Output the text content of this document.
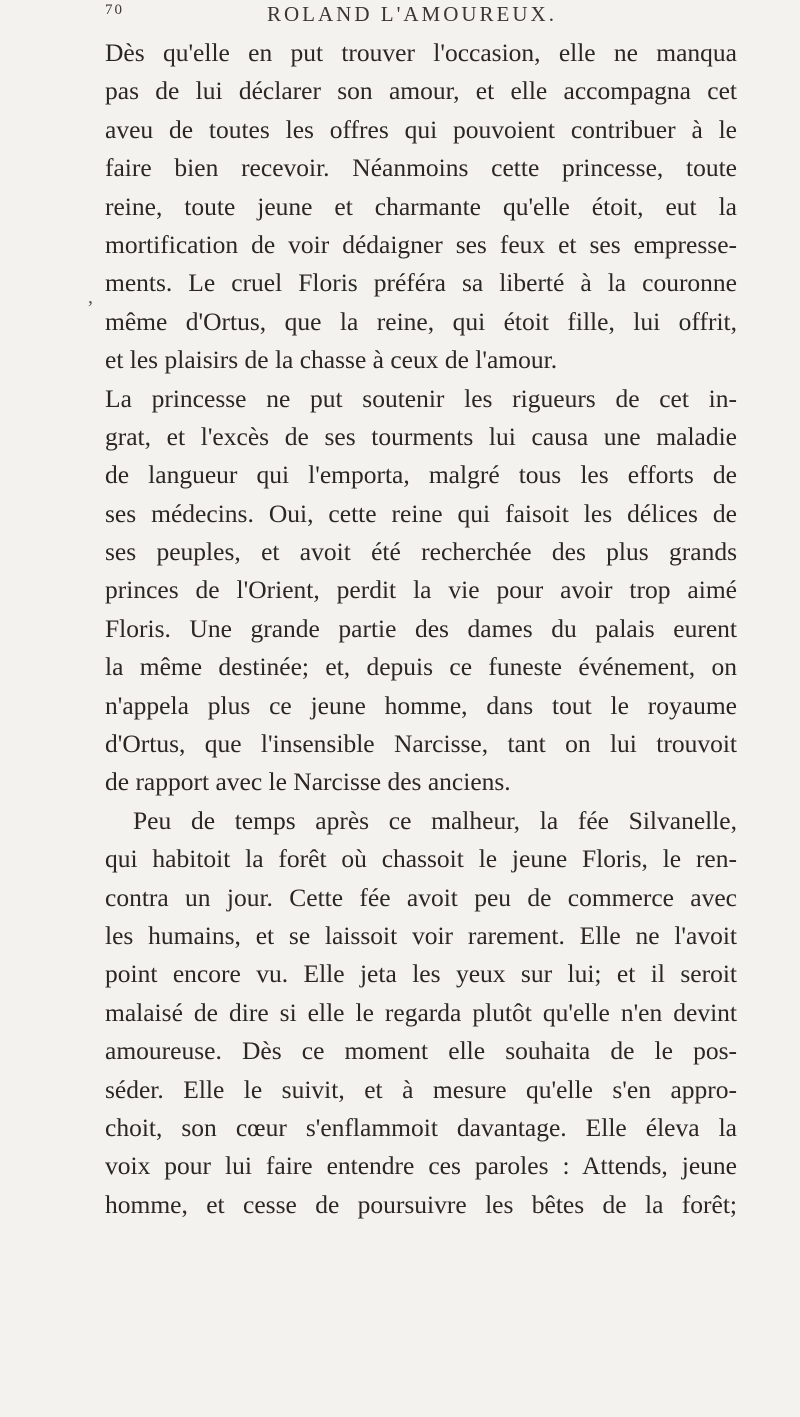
70	ROLAND L'AMOUREUX.
,
Dès qu'elle en put trouver l'occasion, elle ne manqua
pas de lui déclarer son amour, et elle accompagna cet
aveu de toutes les offres qui pouvoient contribuer à le
faire bien recevoir. Néanmoins cette princesse, toute
reine, toute jeune et charmante qu'elle étoit, eut la
mortification de voir dédaigner ses feux et ses empresse-
ments. Le cruel Floris préféra sa liberté à la couronne
même d'Ortus, que la reine, qui étoit fille, lui offrit,
et les plaisirs de la chasse à ceux de l'amour.
La princesse ne put soutenir les rigueurs de cet in-
grat, et l'excès de ses tourments lui causa une maladie
de langueur qui l'emporta, malgré tous les efforts de
ses médecins. Oui, cette reine qui faisoit les délices de
ses peuples, et avoit été recherchée des plus grands
princes de l'Orient, perdit la vie pour avoir trop aimé
Floris. Une grande partie des dames du palais eurent
la même destinée; et, depuis ce funeste événement, on
n'appela plus ce jeune homme, dans tout le royaume
d'Ortus, que l'insensible Narcisse, tant on lui trouvoit
de rapport avec le Narcisse des anciens.
Peu de temps après ce malheur, la fée Silvanelle,
qui habitoit la forêt où chassoit le jeune Floris, le ren-
contra un jour. Cette fée avoit peu de commerce avec
les humains, et se laissoit voir rarement. Elle ne l'avoit
point encore vu. Elle jeta les yeux sur lui; et il seroit
malaisé de dire si elle le regarda plutôt qu'elle n'en devint
amoureuse. Dès ce moment elle souhaita de le pos-
séder. Elle le suivit, et à mesure qu'elle s'en appro-
choit, son cœur s'enflammoit davantage. Elle éleva la
voix pour lui faire entendre ces paroles : Attends, jeune
homme, et cesse de poursuivre les bêtes de la forêt;
